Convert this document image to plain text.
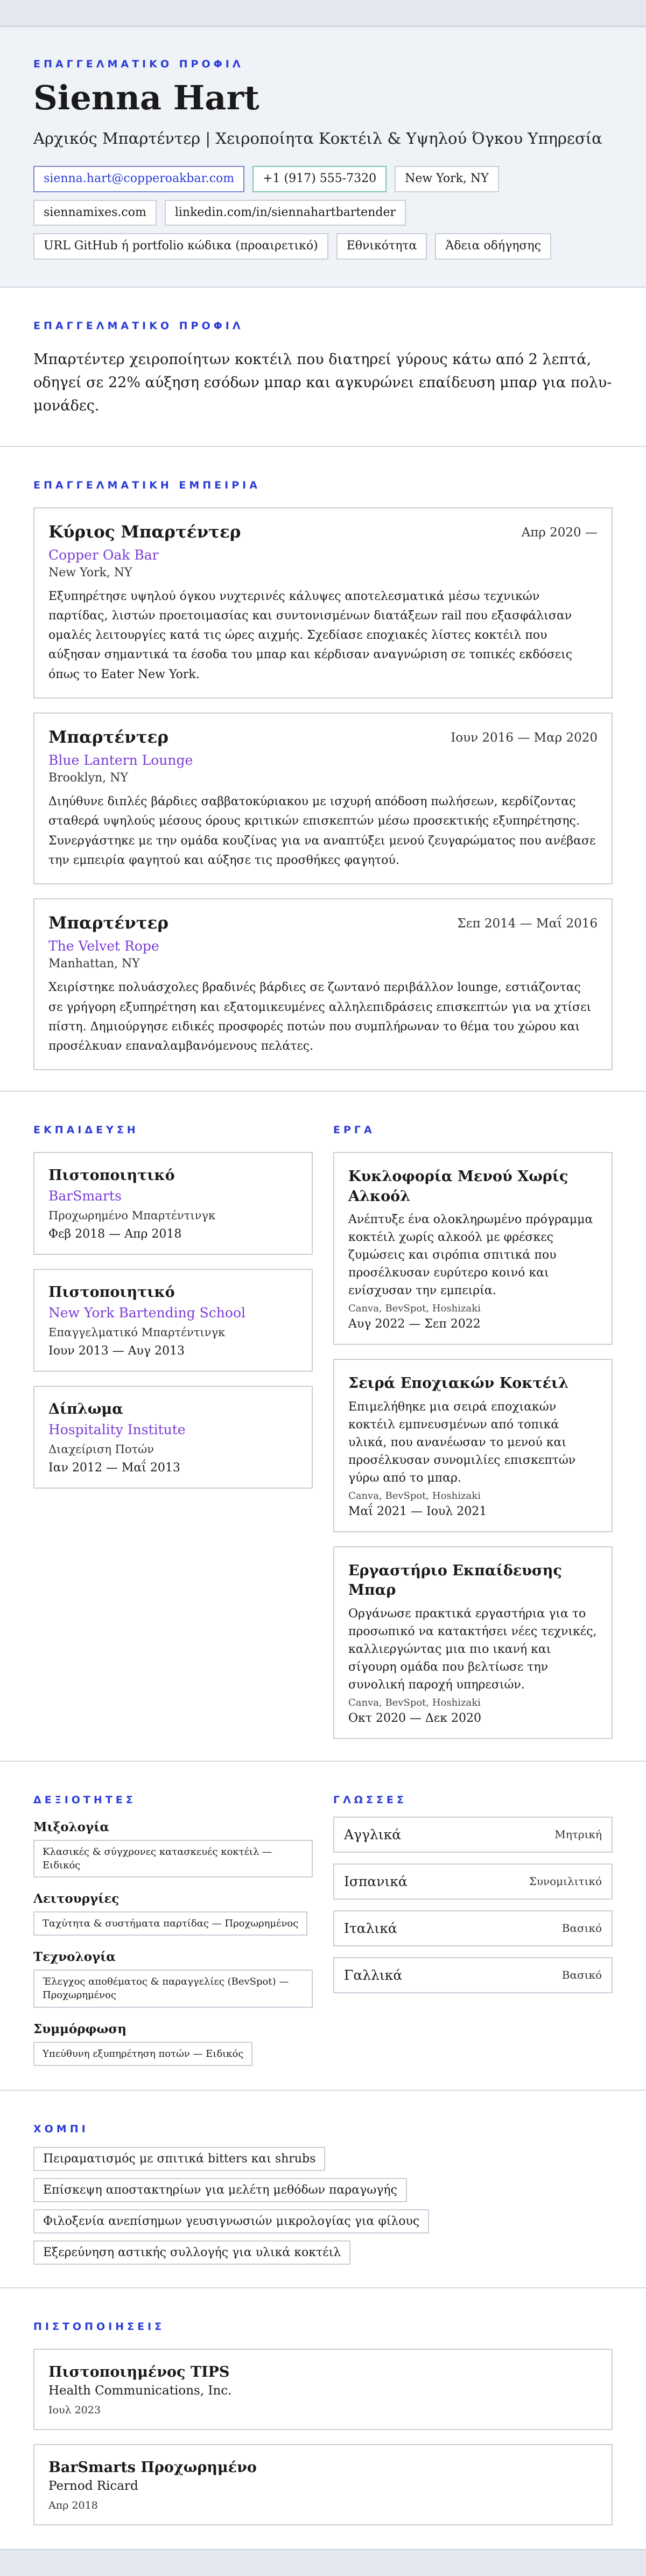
ΕΠΑΓΓΕΛΜΑΤΙΚΟ ΠΡΟΦΙΛ
Sienna Hart
Αρχικός Μπαρτέντερ | Χειροποίητα Κοκτέιλ & Υψηλού Όγκου Υπηρεσία
sienna.hart@copperoakbar.com	+1 (917) 555-7320	New York, NY
siennamixes.com	linkedin.com/in/siennahartbartender
URL GitHub ή portfolio κώδικα (προαιρετικό)	Εθνικότητα	Άδεια οδήγησης
ΕΠΑΓΓΕΛΜΑΤΙΚΟ ΠΡΟΦΙΛ
Μπαρτέντερ χειροποίητων κοκτέιλ που διατηρεί γύρους κάτω από 2 λεπτά, οδηγεί σε 22% αύξηση εσόδων μπαρ και αγκυρώνει επαίδευση μπαρ για πολυ-μονάδες.
ΕΠΑΓΓΕΛΜΑΤΙΚΗ ΕΜΠΕΙΡΙΑ
Κύριος Μπαρτέντερ	Απρ 2020 —
Copper Oak Bar
New York, NY
Εξυπηρέτησε υψηλού όγκου νυχτερινές κάλυψες αποτελεσματικά μέσω τεχνικών παρτίδας, λιστών προετοιμασίας και συντονισμένων διατάξεων rail που εξασφάλισαν ομαλές λειτουργίες κατά τις ώρες αιχμής. Σχεδίασε εποχιακές λίστες κοκτέιλ που αύξησαν σημαντικά τα έσοδα του μπαρ και κέρδισαν αναγνώριση σε τοπικές εκδόσεις όπως το Eater New York.
Μπαρτέντερ	Ιουν 2016 — Μαρ 2020
Blue Lantern Lounge
Brooklyn, NY
Διηύθυνε διπλές βάρδιες σαββατοκύριακου με ισχυρή απόδοση πωλήσεων, κερδίζοντας σταθερά υψηλούς μέσους όρους κριτικών επισκεπτών μέσω προσεκτικής εξυπηρέτησης. Συνεργάστηκε με την ομάδα κουζίνας για να αναπτύξει μενού ζευγαρώματος που ανέβασε την εμπειρία φαγητού και αύξησε τις προσθήκες φαγητού.
Μπαρτέντερ	Σεπ 2014 — Μαΐ 2016
The Velvet Rope
Manhattan, NY
Χειρίστηκε πολυάσχολες βραδινές βάρδιες σε ζωντανό περιβάλλον lounge, εστιάζοντας σε γρήγορη εξυπηρέτηση και εξατομικευμένες αλληλεπιδράσεις επισκεπτών για να χτίσει πίστη. Δημιούργησε ειδικές προσφορές ποτών που συμπλήρωναν το θέμα του χώρου και προσέλκυαν επαναλαμβανόμενους πελάτες.
ΕΚΠΑΙΔΕΥΣΗ
Πιστοποιητικό
BarSmarts
Προχωρημένο Μπαρτέντινγκ
Φεβ 2018 — Απρ 2018
Πιστοποιητικό
New York Bartending School
Επαγγελματικό Μπαρτέντινγκ
Ιουν 2013 — Αυγ 2013
Δίπλωμα
Hospitality Institute
Διαχείριση Ποτών
Ιαν 2012 — Μαΐ 2013
ΕΡΓΑ
Κυκλοφορία Μενού Χωρίς Αλκοόλ
Ανέπτυξε ένα ολοκληρωμένο πρόγραμμα κοκτέιλ χωρίς αλκοόλ με φρέσκες ζυμώσεις και σιρόπια σπιτικά που προσέλκυσαν ευρύτερο κοινό και ενίσχυσαν την εμπειρία.
Canva, BevSpot, Hoshizaki
Αυγ 2022 — Σεπ 2022
Σειρά Εποχιακών Κοκτέιλ
Επιμελήθηκε μια σειρά εποχιακών κοκτέιλ εμπνευσμένων από τοπικά υλικά, που ανανέωσαν το μενού και προσέλκυσαν συνομιλίες επισκεπτών γύρω από το μπαρ.
Canva, BevSpot, Hoshizaki
Μαΐ 2021 — Ιουλ 2021
Εργαστήριο Εκπαίδευσης Μπαρ
Οργάνωσε πρακτικά εργαστήρια για το προσωπικό να κατακτήσει νέες τεχνικές, καλλιεργώντας μια πιο ικανή και σίγουρη ομάδα που βελτίωσε την συνολική παροχή υπηρεσιών.
Canva, BevSpot, Hoshizaki
Οκτ 2020 — Δεκ 2020
ΔΕΞΙΟΤΗΤΕΣ
Μιξολογία
Κλασικές & σύγχρονες κατασκευές κοκτέιλ — Ειδικός
Λειτουργίες
Ταχύτητα & συστήματα παρτίδας — Προχωρημένος
Τεχνολογία
Έλεγχος αποθέματος & παραγγελίες (BevSpot) — Προχωρημένος
Συμμόρφωση
Υπεύθυνη εξυπηρέτηση ποτών — Ειδικός
ΓΛΩΣΣΕΣ
Αγγλικά	Μητρική
Ισπανικά	Συνομιλιτικό
Ιταλικά	Βασικό
Γαλλικά	Βασικό
ΧΟΜΠΙ
Πειραματισμός με σπιτικά bitters και shrubs
Επίσκεψη αποστακτηρίων για μελέτη μεθόδων παραγωγής
Φιλοξενία ανεπίσημων γευσιγνωσιών μικρολογίας για φίλους
Εξερεύνηση αστικής συλλογής για υλικά κοκτέιλ
ΠΙΣΤΟΠΟΙΗΣΕΙΣ
Πιστοποιημένος TIPS
Health Communications, Inc.
Ιουλ 2023
BarSmarts Προχωρημένο
Pernod Ricard
Απρ 2018
